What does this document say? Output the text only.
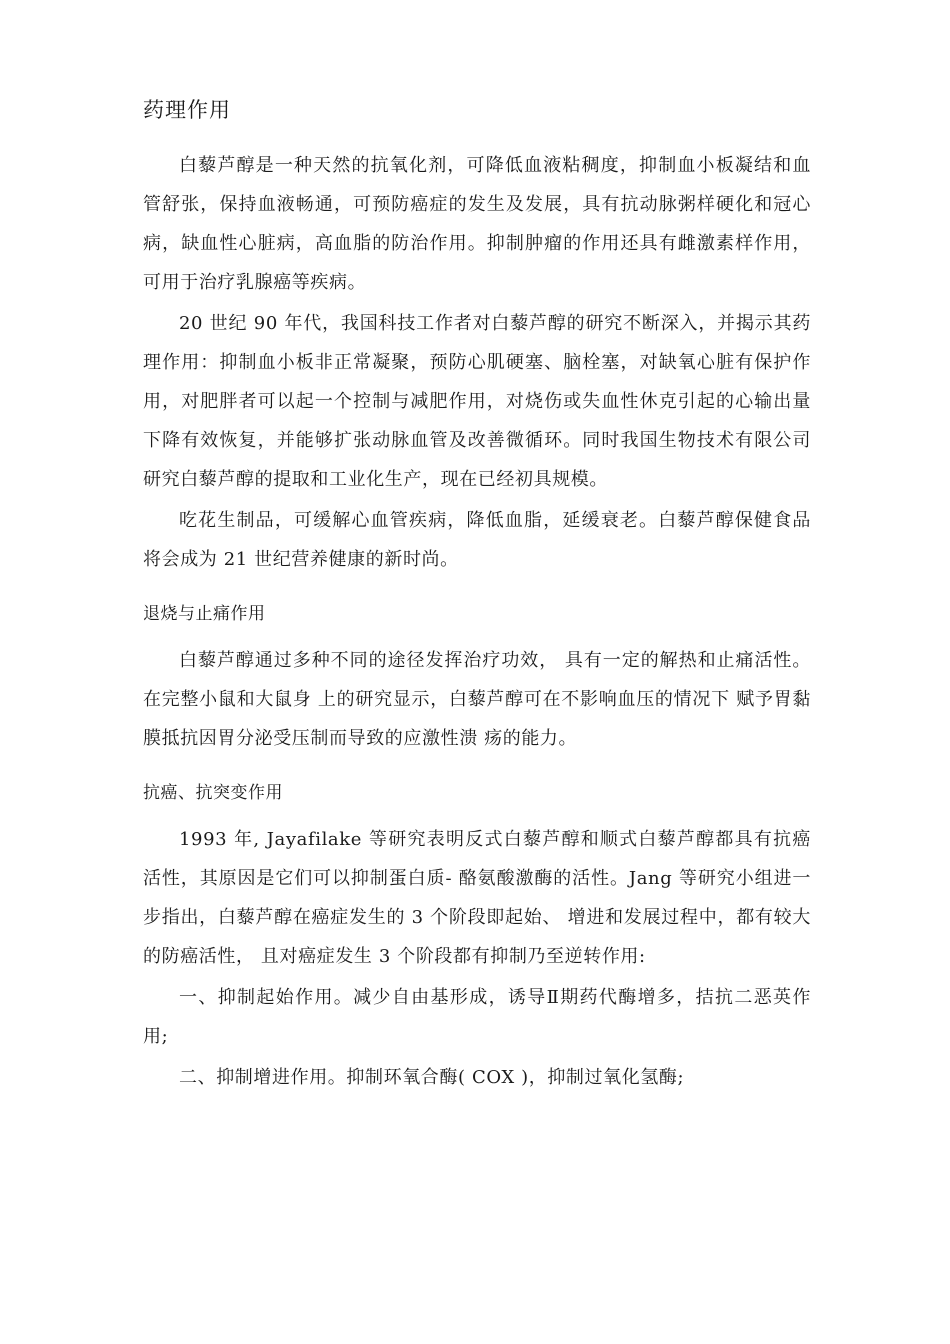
药理作用

白藜芦醇是一种天然的抗氧化剂，可降低血液粘稠度，抑制血小板凝结和血管舒张，保持血液畅通，可预防癌症的发生及发展，具有抗动脉粥样硬化和冠心病，缺血性心脏病，高血脂的防治作用。抑制肿瘤的作用还具有雌激素样作用，可用于治疗乳腺癌等疾病。

20 世纪 90 年代，我国科技工作者对白藜芦醇的研究不断深入，并揭示其药理作用：抑制血小板非正常凝聚，预防心肌硬塞、脑栓塞，对缺氧心脏有保护作用，对肥胖者可以起一个控制与减肥作用，对烧伤或失血性休克引起的心输出量下降有效恢复，并能够扩张动脉血管及改善微循环。同时我国生物技术有限公司研究白藜芦醇的提取和工业化生产，现在已经初具规模。

吃花生制品，可缓解心血管疾病，降低血脂，延缓衰老。白藜芦醇保健食品将会成为 21 世纪营养健康的新时尚。

退烧与止痛作用

白藜芦醇通过多种不同的途径发挥治疗功效， 具有一定的解热和止痛活性。在完整小鼠和大鼠身 上的研究显示，白藜芦醇可在不影响血压的情况下 赋予胃黏膜抵抗因胃分泌受压制而导致的应激性溃 疡的能力。

抗癌、抗突变作用

1993 年, Jayafilake 等研究表明反式白藜芦醇和顺式白藜芦醇都具有抗癌活性，其原因是它们可以抑制蛋白质- 酪氨酸激酶的活性。Jang 等研究小组进一步指出，白藜芦醇在癌症发生的 3 个阶段即起始、 增进和发展过程中，都有较大的防癌活性， 且对癌症发生 3 个阶段都有抑制乃至逆转作用:

一、抑制起始作用。减少自由基形成，诱导Ⅱ期药代酶增多，拮抗二恶英作用;

二、抑制增进作用。抑制环氧合酶( COX )，抑制过氧化氢酶;
